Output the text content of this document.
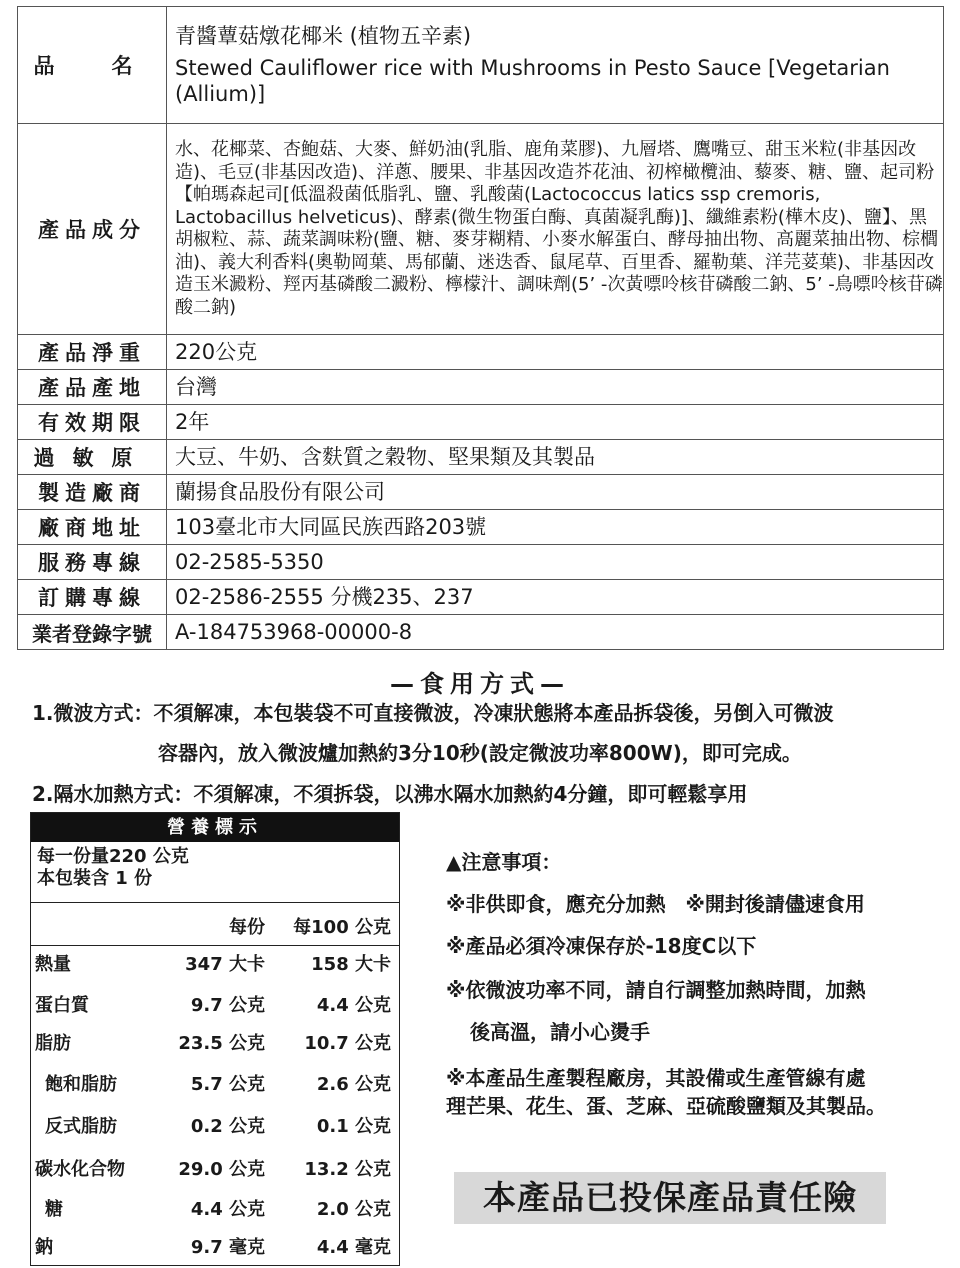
品　名	青醬蕈菇燉花椰米 (植物五辛素)
Stewed Cauliflower rice with Mushrooms in Pesto Sauce [Vegetarian (Allium)]

產品成分	水、花椰菜、杏鮑菇、大麥、鮮奶油(乳脂、鹿角菜膠)、九層塔、鷹嘴豆、甜玉米粒(非基因改造)、毛豆(非基因改造)、洋蔥、腰果、非基因改造芥花油、初榨橄欖油、藜麥、糖、鹽、起司粉【帕瑪森起司[低溫殺菌低脂乳、鹽、乳酸菌(Lactococcus latics ssp cremoris, Lactobacillus helveticus)、酵素(微生物蛋白酶、真菌凝乳酶)]、纖維素粉(樺木皮)、鹽】、黑胡椒粒、蒜、蔬菜調味粉(鹽、糖、麥芽糊精、小麥水解蛋白、酵母抽出物、高麗菜抽出物、棕櫚油)、義大利香料(奧勒岡葉、馬郁蘭、迷迭香、鼠尾草、百里香、羅勒葉、洋芫荽葉)、非基因改造玉米澱粉、羥丙基磷酸二澱粉、檸檬汁、調味劑(5’ -次黃嘌呤核苷磷酸二鈉、5’ -鳥嘌呤核苷磷酸二鈉)
產品淨重	220公克
產品產地	台灣
有效期限	2年
過敏原	大豆、牛奶、含麩質之穀物、堅果類及其製品
製造廠商	蘭揚食品股份有限公司
廠商地址	103臺北市大同區民族西路203號
服務專線	02-2585-5350
訂購專線	02-2586-2555 分機235、237
業者登錄字號	A-184753968-00000-8
—食用方式—
1.微波方式：不須解凍，本包裝袋不可直接微波，冷凍狀態將本產品拆袋後，另倒入可微波
容器內，放入微波爐加熱約3分10秒(設定微波功率800W)，即可完成。
2.隔水加熱方式：不須解凍，不須拆袋，以沸水隔水加熱約4分鐘，即可輕鬆享用
營養標示
每一份量220 公克
本包裝含 1 份
每份 每100 公克
熱量	347 大卡	158 大卡
蛋白質	9.7 公克	4.4 公克
脂肪	23.5 公克 10.7 公克
飽和脂肪	5.7 公克	2.6 公克
反式脂肪	0.2 公克	0.1 公克
碳水化合物	29.0 公克 13.2 公克
糖	4.4 公克	2.0 公克
鈉	9.7 毫克	4.4 毫克
▲注意事項：
※非供即食，應充分加熱　※開封後請儘速食用
※產品必須冷凍保存於-18度C以下
※依微波功率不同，請自行調整加熱時間，加熱
後高溫，請小心燙手
※本產品生產製程廠房，其設備或生產管線有處
理芒果、花生、蛋、芝麻、亞硫酸鹽類及其製品。
本產品已投保產品責任險
